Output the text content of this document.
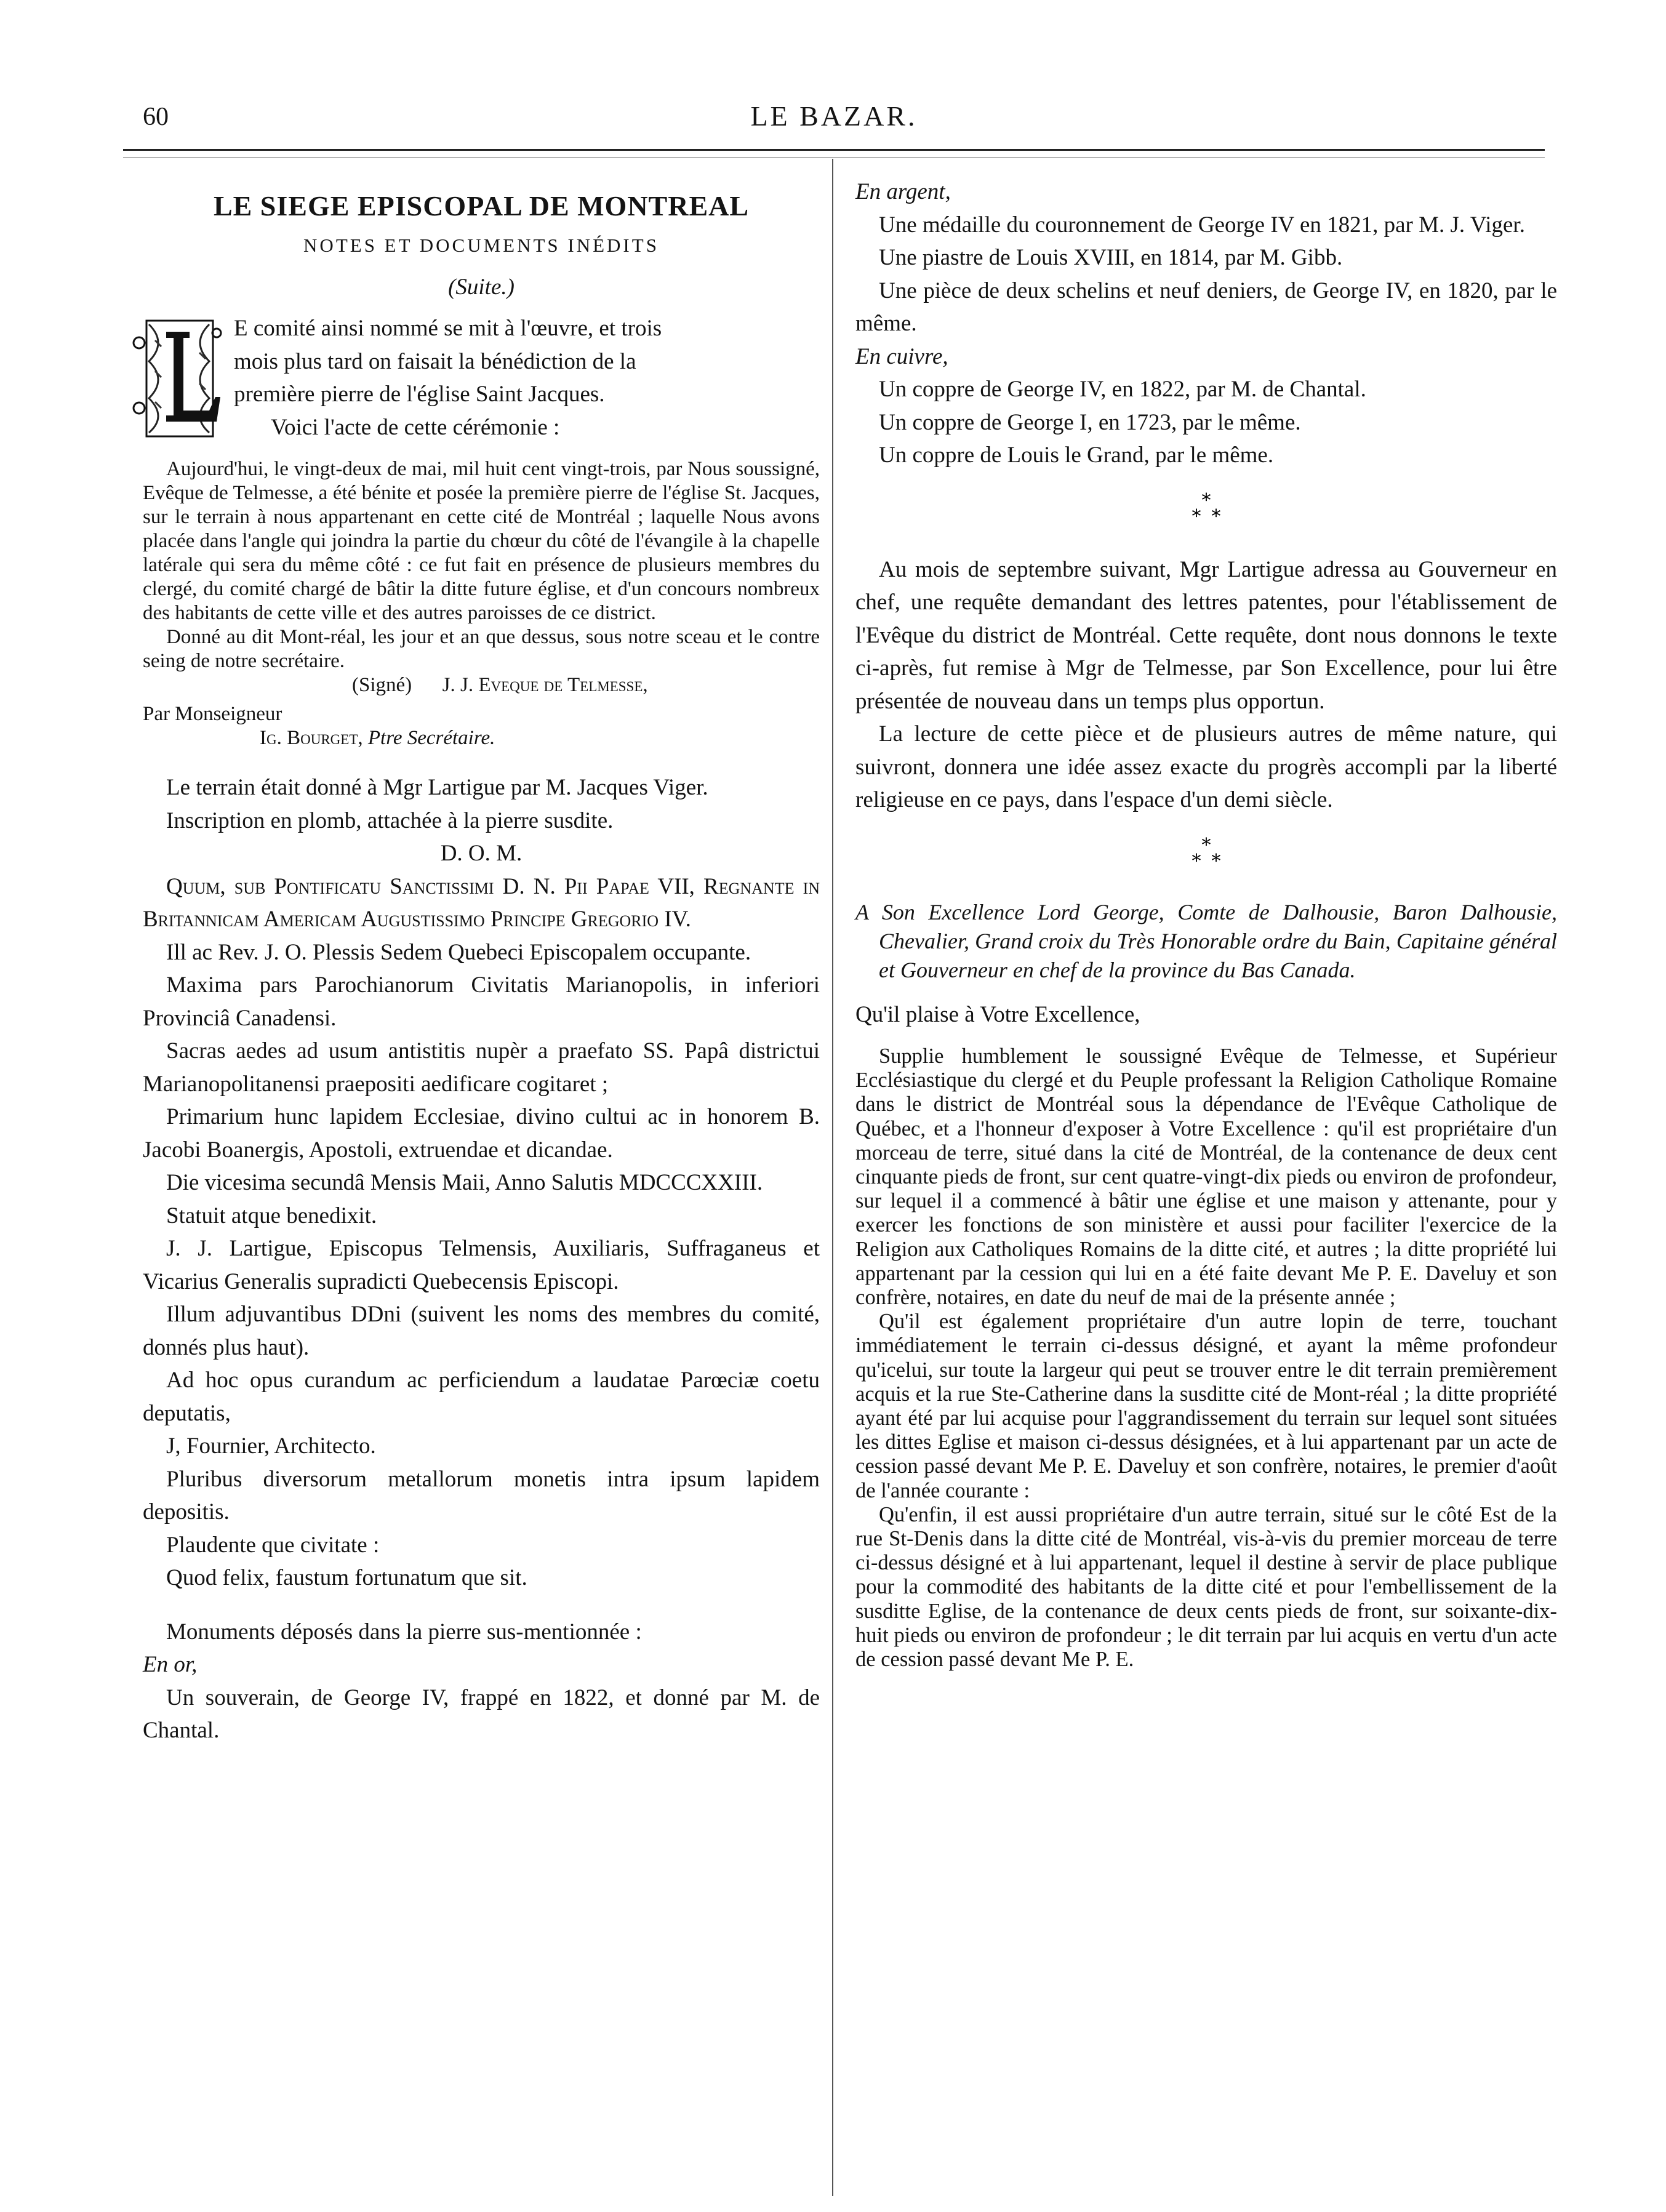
60	LE BAZAR.
LE SIEGE EPISCOPAL DE MONTREAL
NOTES ET DOCUMENTS INÉDITS
(Suite.)

E comité ainsi nommé se mit à l'œuvre, et trois

mois plus tard on faisait la bénédiction de la

première pierre de l'église Saint Jacques.

Voici l'acte de cette cérémonie :

Aujourd'hui, le vingt-deux de mai, mil huit cent vingt-trois, par Nous soussigné, Evêque de Telmesse, a été bénite et posée la première pierre de l'église St. Jacques, sur le terrain à nous appartenant en cette cité de Montréal ; laquelle Nous avons placée dans l'angle qui joindra la partie du chœur du côté de l'évangile à la chapelle latérale qui sera du même côté : ce fut fait en présence de plusieurs membres du clergé, du comité chargé de bâtir la ditte future église, et d'un concours nombreux des habitants de cette ville et des autres paroisses de ce district.

Donné au dit Mont-réal, les jour et an que dessus, sous notre sceau et le contre seing de notre secrétaire.

(Signé) J. J. Eveque de Telmesse,

Par Monseigneur

Ig. Bourget, Ptre Secrétaire.

Le terrain était donné à Mgr Lartigue par M. Jacques Viger.

Inscription en plomb, attachée à la pierre susdite.

D. O. M.

Quum, sub Pontificatu Sanctissimi D. N. Pii Papae VII, Regnante in Britannicam Americam Augustissimo Principe Gregorio IV.

Ill ac Rev. J. O. Plessis Sedem Quebeci Episcopalem occupante.

Maxima pars Parochianorum Civitatis Marianopolis, in inferiori Provinciâ Canadensi.

Sacras aedes ad usum antistitis nupèr a praefato SS. Papâ districtui Marianopolitanensi praepositi aedificare cogitaret ;

Primarium hunc lapidem Ecclesiae, divino cultui ac in honorem B. Jacobi Boanergis, Apostoli, extruendae et dicandae.

Die vicesima secundâ Mensis Maii, Anno Salutis MDCCCXXIII.

Statuit atque benedixit.

J. J. Lartigue, Episcopus Telmensis, Auxiliaris, Suffraganeus et Vicarius Generalis supradicti Quebecensis Episcopi.

Illum adjuvantibus DDni (suivent les noms des membres du comité, donnés plus haut).

Ad hoc opus curandum ac perficiendum a laudatae Parœciæ coetu deputatis,

J, Fournier, Architecto.

Pluribus diversorum metallorum monetis intra ipsum lapidem depositis.

Plaudente que civitate :

Quod felix, faustum fortunatum que sit.

Monuments déposés dans la pierre sus-mentionnée :

En or,

Un souverain, de George IV, frappé en 1822, et donné par M. de Chantal.

En argent,

Une médaille du couronnement de George IV en 1821, par M. J. Viger.

Une piastre de Louis XVIII, en 1814, par M. Gibb.

Une pièce de deux schelins et neuf deniers, de George IV, en 1820, par le même.

En cuivre,

Un coppre de George IV, en 1822, par M. de Chantal.

Un coppre de George I, en 1723, par le même.

Un coppre de Louis le Grand, par le même.

*
* *

Au mois de septembre suivant, Mgr Lartigue adressa au Gouverneur en chef, une requête demandant des lettres patentes, pour l'établissement de l'Evêque du district de Montréal. Cette requête, dont nous donnons le texte ci-après, fut remise à Mgr de Telmesse, par Son Excellence, pour lui être présentée de nouveau dans un temps plus opportun.

La lecture de cette pièce et de plusieurs autres de même nature, qui suivront, donnera une idée assez exacte du progrès accompli par la liberté religieuse en ce pays, dans l'espace d'un demi siècle.

*
* *

A Son Excellence Lord George, Comte de Dalhousie, Baron Dalhousie, Chevalier, Grand croix du Très Honorable ordre du Bain, Capitaine général et Gouverneur en chef de la province du Bas Canada.

Qu'il plaise à Votre Excellence,

Supplie humblement le soussigné Evêque de Telmesse, et Supérieur Ecclésiastique du clergé et du Peuple professant la Religion Catholique Romaine dans le district de Montréal sous la dépendance de l'Evêque Catholique de Québec, et a l'honneur d'exposer à Votre Excellence : qu'il est propriétaire d'un morceau de terre, situé dans la cité de Montréal, de la contenance de deux cent cinquante pieds de front, sur cent quatre-vingt-dix pieds ou environ de profondeur, sur lequel il a commencé à bâtir une église et une maison y attenante, pour y exercer les fonctions de son ministère et aussi pour faciliter l'exercice de la Religion aux Catholiques Romains de la ditte cité, et autres ; la ditte propriété lui appartenant par la cession qui lui en a été faite devant Me P. E. Daveluy et son confrère, notaires, en date du neuf de mai de la présente année ;

Qu'il est également propriétaire d'un autre lopin de terre, touchant immédiatement le terrain ci-dessus désigné, et ayant la même profondeur qu'icelui, sur toute la largeur qui peut se trouver entre le dit terrain premièrement acquis et la rue Ste-Catherine dans la susditte cité de Mont-réal ; la ditte propriété ayant été par lui acquise pour l'aggrandissement du terrain sur lequel sont situées les dittes Eglise et maison ci-dessus désignées, et à lui appartenant par un acte de cession passé devant Me P. E. Daveluy et son confrère, notaires, le premier d'août de l'année courante :

Qu'enfin, il est aussi propriétaire d'un autre terrain, situé sur le côté Est de la rue St-Denis dans la ditte cité de Montréal, vis-à-vis du premier morceau de terre ci-dessus désigné et à lui appartenant, lequel il destine à servir de place publique pour la commodité des habitants de la ditte cité et pour l'embellissement de la susditte Eglise, de la contenance de deux cents pieds de front, sur soixante-dix-huit pieds ou environ de profondeur ; le dit terrain par lui acquis en vertu d'un acte de cession passé devant Me P. E.
